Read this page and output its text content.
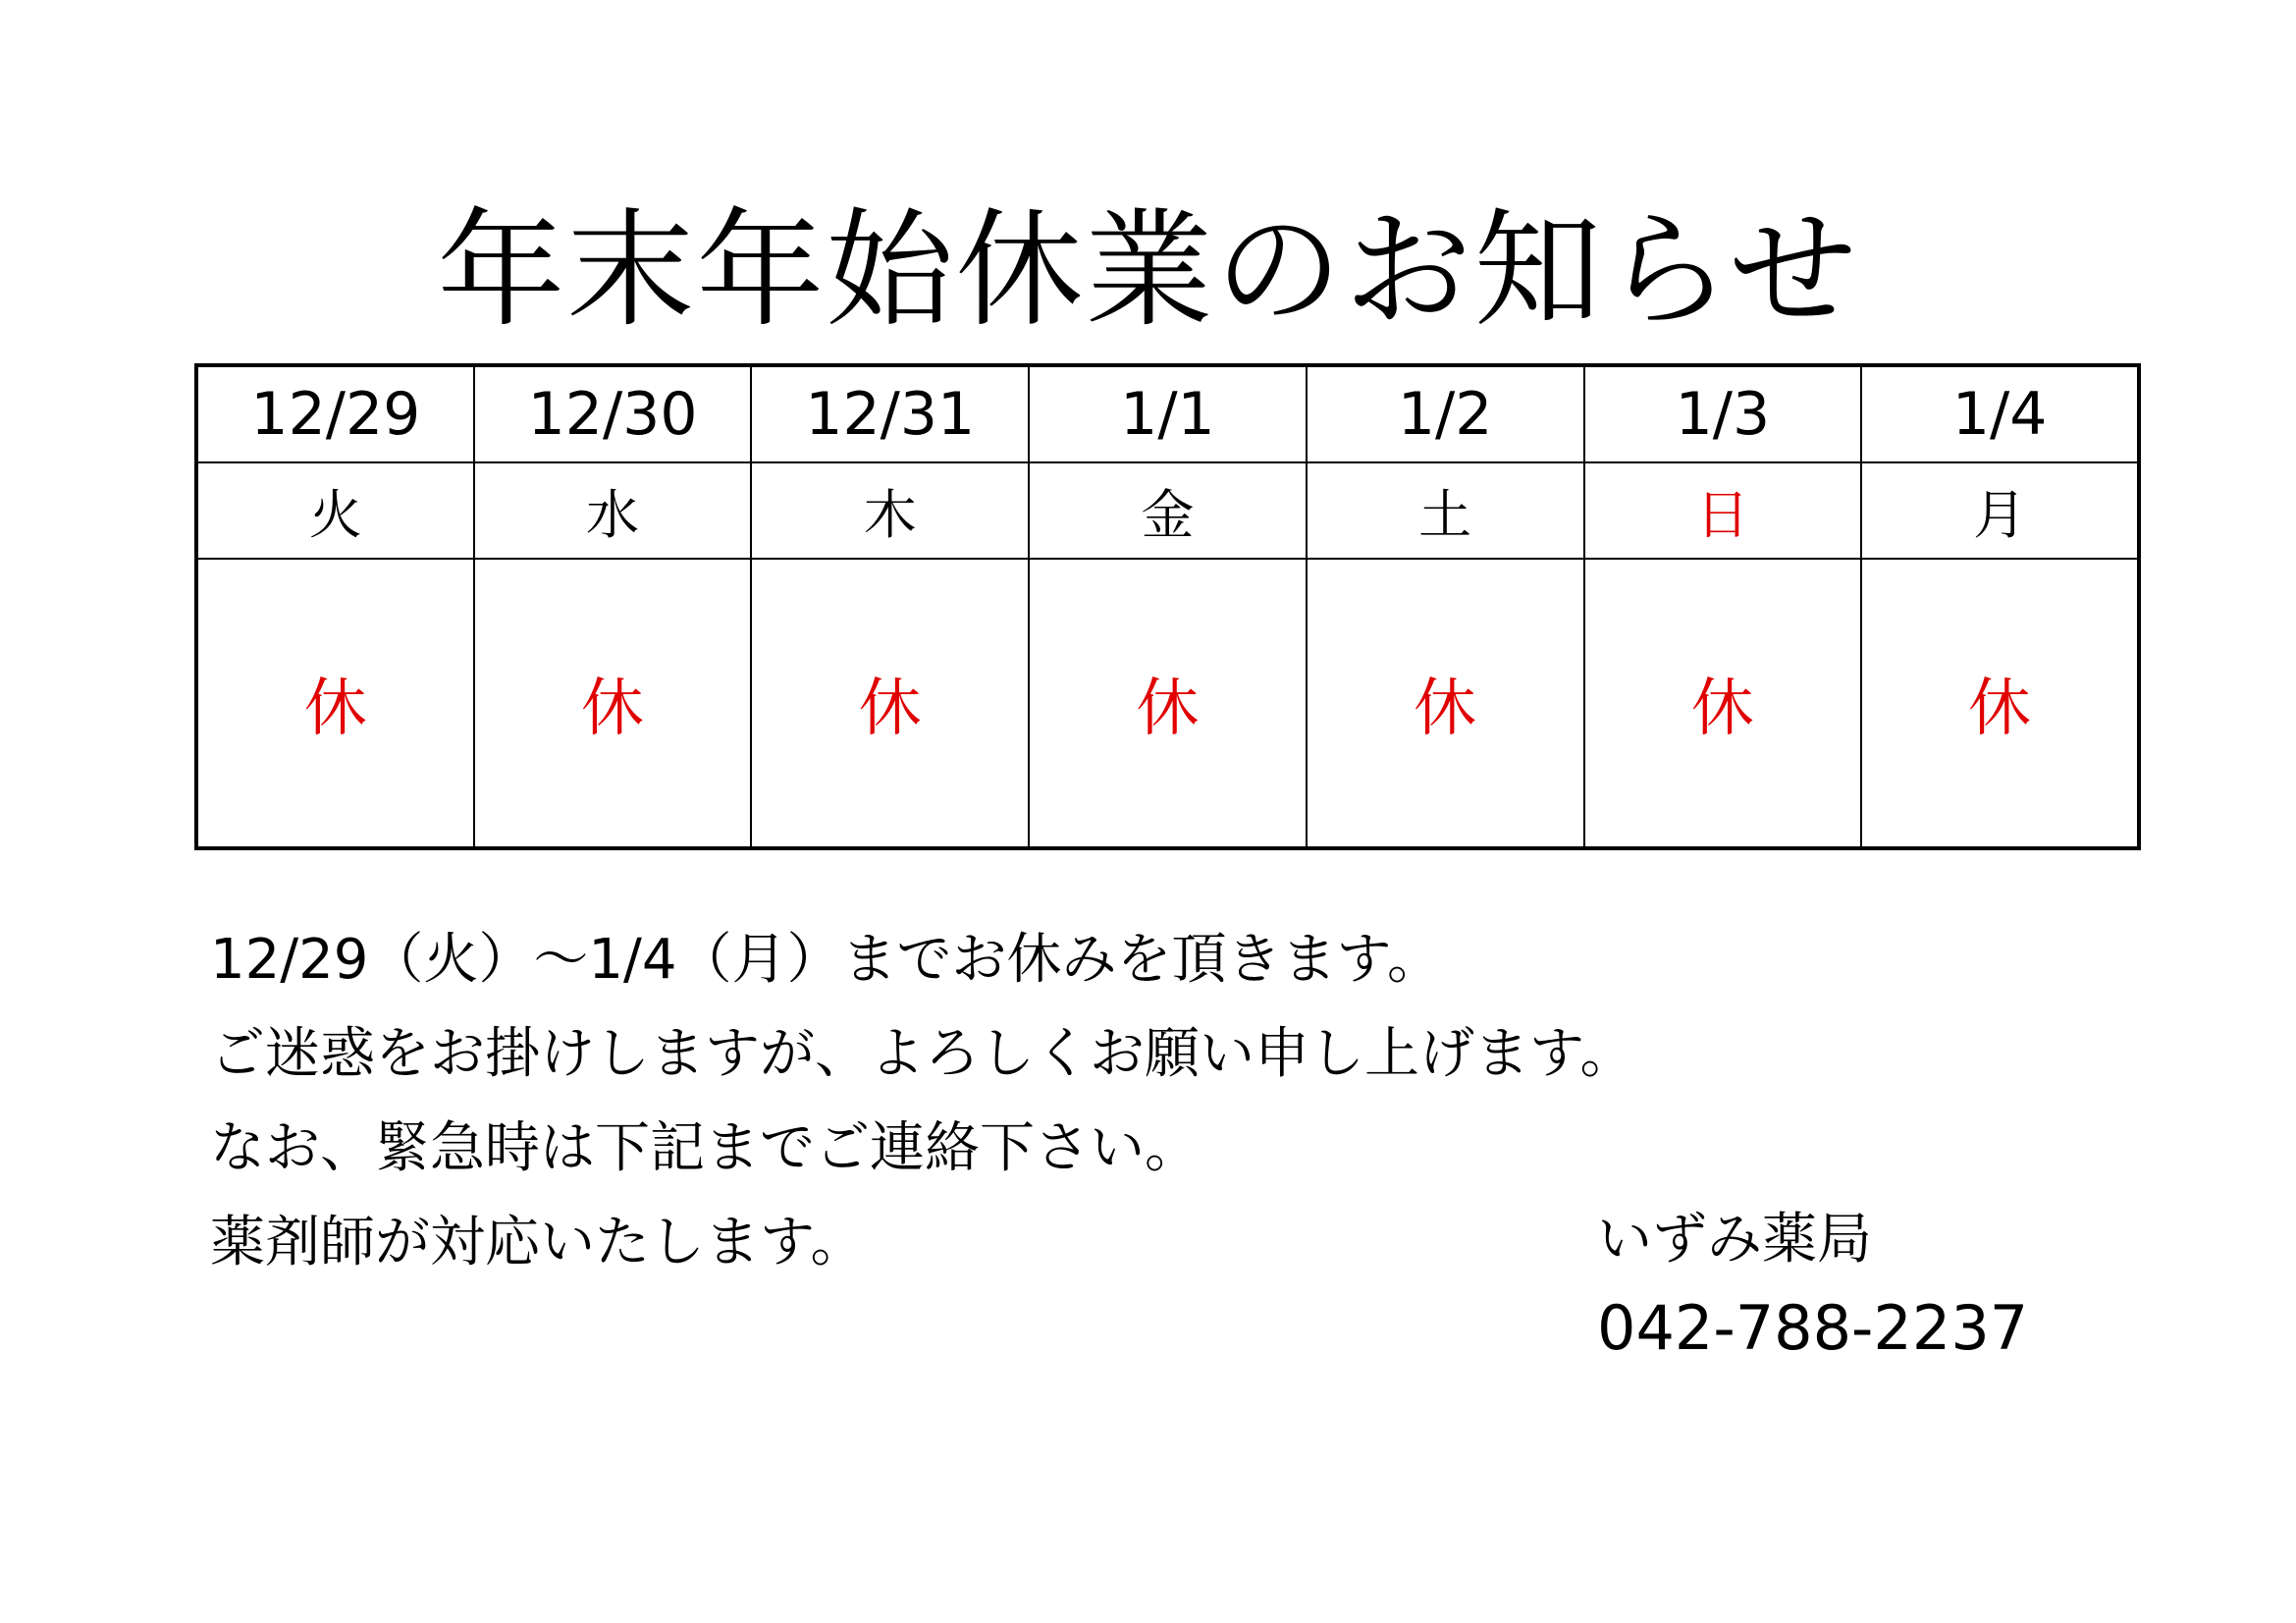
年末年始休業のお知らせ
12/29	12/30	12/31	1/1	1/2	1/3	1/4
火	水	木	金	土	日	月
休	休	休	休	休	休	休
12/29（火）～1/4（月）までお休みを頂きます。
ご迷惑をお掛けしますが、よろしくお願い申し上げます。
なお、緊急時は下記までご連絡下さい。
薬剤師が対応いたします。	いずみ薬局
042-788-2237
